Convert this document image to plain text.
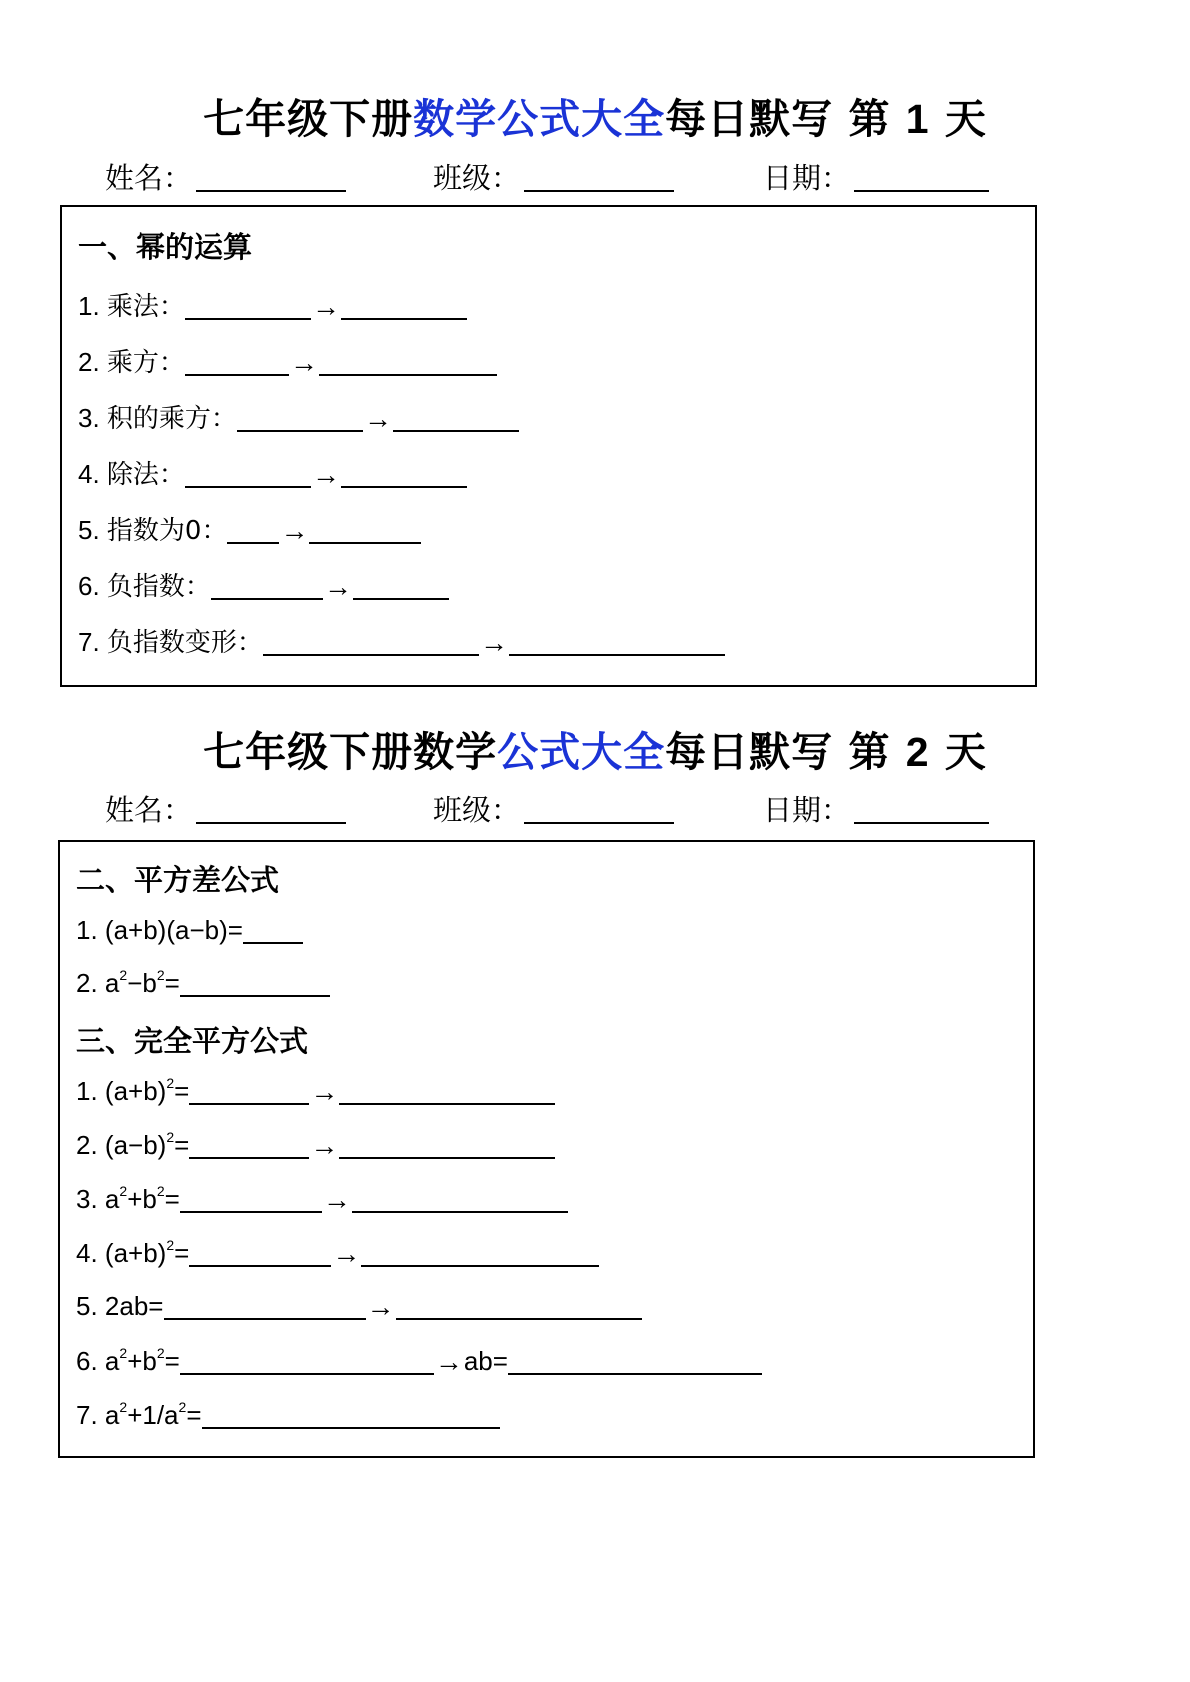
七年级下册数学公式大全每日默写 第 1 天
姓名：	班级：	日期：
一、幂的运算
1. 乘法：	→
2. 乘方：	→
3. 积的乘方：	→
4. 除法：	→
5. 指数为0： →
6. 负指数：	→
7. 负指数变形：	→
七年级下册数学公式大全每日默写 第 2 天
姓名：	班级：	日期：
二、平方差公式
1. (a+b)(a−b)=
2. $a^2-b^2=$
三、完全平方公式
1. $(a+b)^2=$	→
2. $(a-b)^2=$	→
3. $a^2+b^2=$	→
4. $(a+b)^2=$	→
5. 2ab=	→
6. $a^2+b^2=$	→ab=
7. $a^2+1/a^2=$
